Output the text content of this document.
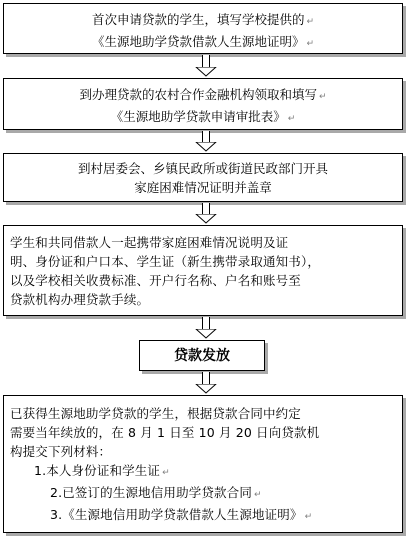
首次申请贷款的学生，填写学校提供的 ↵
《生源地助学贷款借款人生源地证明》 ↵
到办理贷款的农村合作金融机构领取和填写 ↵
《生源地助学贷款申请审批表》 ↵
到村居委会、乡镇民政所或街道民政部门开具
家庭困难情况证明并盖章
学生和共同借款人一起携带家庭困难情况说明及证
明、身份证和户口本、学生证（新生携带录取通知书），
以及学校相关收费标准、开户行名称、户名和账号至
贷款机构办理贷款手续。
贷款发放
已获得生源地助学贷款的学生，根据贷款合同中约定
需要当年续放的，在 8 月 1 日至 10 月 20 日向贷款机
构提交下列材料：
1.本人身份证和学生证 ↵
2.已签订的生源地信用助学贷款合同 ↵
3.《生源地信用助学贷款借款人生源地证明》 ↵
